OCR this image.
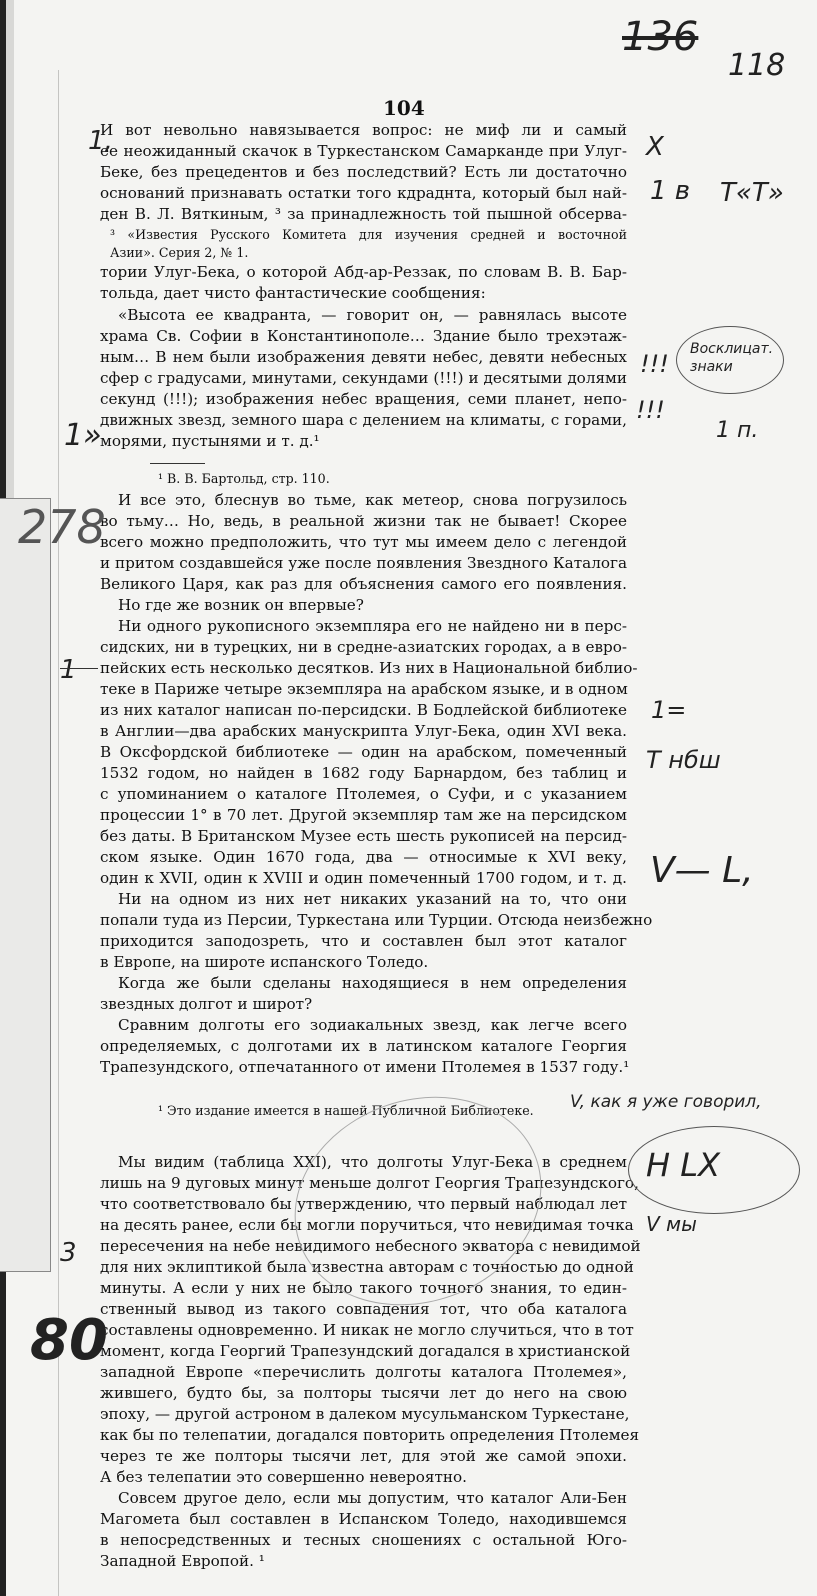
104

И вот невольно навязывается вопрос: не миф ли и самый

ее неожиданный скачок в Туркестанском Самарканде при Улуг-

Беке, без прецедентов и без последствий? Есть ли достаточно

оснований признавать остатки того кдраднта, который был най-

ден В. Л. Вяткиным, ³ за принадлежность той пышной обсерва-

³ «Известия Русского Комитета для изучения средней и восточной

Азии». Серия 2, № 1.

тории Улуг-Бека, о которой Абд-ар-Реззак, по словам В. В. Бар-

тольда, дает чисто фантастические сообщения:

«Высота ее квадранта, — говорит он, — равнялась высоте

храма Св. Софии в Константинополе… Здание было трехэтаж-

ным… В нем были изображения девяти небес, девяти небесных

сфер с градусами, минутами, секундами (!!!) и десятыми долями

секунд (!!!); изображения небес вращения, семи планет, непо-

движных звезд, земного шара с делением на климаты, с горами,

морями, пустынями и т. д.¹

¹ В. В. Бартольд, стр. 110.

И все это, блеснув во тьме, как метеор, снова погрузилось

во тьму… Но, ведь, в реальной жизни так не бывает! Скорее

всего можно предположить, что тут мы имеем дело с легендой

и притом создавшейся уже после появления Звездного Каталога

Великого Царя, как раз для объяснения самого его появления.

Но где же возник он впервые?

Ни одного рукописного экземпляра его не найдено ни в перс-

сидских, ни в турецких, ни в средне-азиатских городах, а в евро-

пейских есть несколько десятков. Из них в Национальной библио-

теке в Париже четыре экземпляра на арабском языке, и в одном

из них каталог написан по-персидски. В Бодлейской библиотеке

в Англии—два арабских манускрипта Улуг-Бека, один XVI века.

В Оксфордской библиотеке — один на арабском, помеченный

1532 годом, но найден в 1682 году Барнардом, без таблиц и

с упоминанием о каталоге Птолемея, о Суфи, и с указанием

процессии 1° в 70 лет. Другой экземпляр там же на персидском

без даты. В Британском Музее есть шесть рукописей на персид-

ском языке. Один 1670 года, два — относимые к XVI веку,

один к XVII, один к XVIII и один помеченный 1700 годом, и т. д.

Ни на одном из них нет никаких указаний на то, что они

попали туда из Персии, Туркестана или Турции. Отсюда неизбежно

приходится заподозреть, что и составлен был этот каталог

в Европе, на широте испанского Толедо.

Когда же были сделаны находящиеся в нем определения

звездных долгот и широт?

Сравним долготы его зодиакальных звезд, как легче всего

определяемых, с долготами их в латинском каталоге Георгия

Трапезундского, отпечатанного от имени Птолемея в 1537 году.¹

¹ Это издание имеется в нашей Публичной Библиотеке.

Мы видим (таблица XXI), что долготы Улуг-Бека в среднем

лишь на 9 дуговых минут меньше долгот Георгия Трапезундского,

что соответствовало бы утверждению, что первый наблюдал лет

на десять ранее, если бы могли поручиться, что невидимая точка

пересечения на небе невидимого небесного экватора с невидимой

для них эклиптикой была известна авторам с точностью до одной

минуты. А если у них не было такого точного знания, то един-

ственный вывод из такого совпадения тот, что оба каталога

составлены одновременно. И никак не могло случиться, что в тот

момент, когда Георгий Трапезундский догадался в христианской

западной Европе «перечислить долготы каталога Птолемея»,

жившего, будто бы, за полторы тысячи лет до него на свою

эпоху, — другой астроном в далеком мусульманском Туркестане,

как бы по телепатии, догадался повторить определения Птолемея

через те же полторы тысячи лет, для этой же самой эпохи.

А без телепатии это совершенно невероятно.

Совсем другое дело, если мы допустим, что каталог Али-Бен

Магомета был составлен в Испанском Толедо, находившемся

в непосредственных и тесных сношениях с остальной Юго-

Западной Европой. ¹

136
118
1,	X
1 в Т«Т»
!!!
Восклицат. знаки
!!!
1 п.
1»
278
1
1=
Т нбш
V— L,
V, как я уже говорил,
H LX
V мы
3
80
